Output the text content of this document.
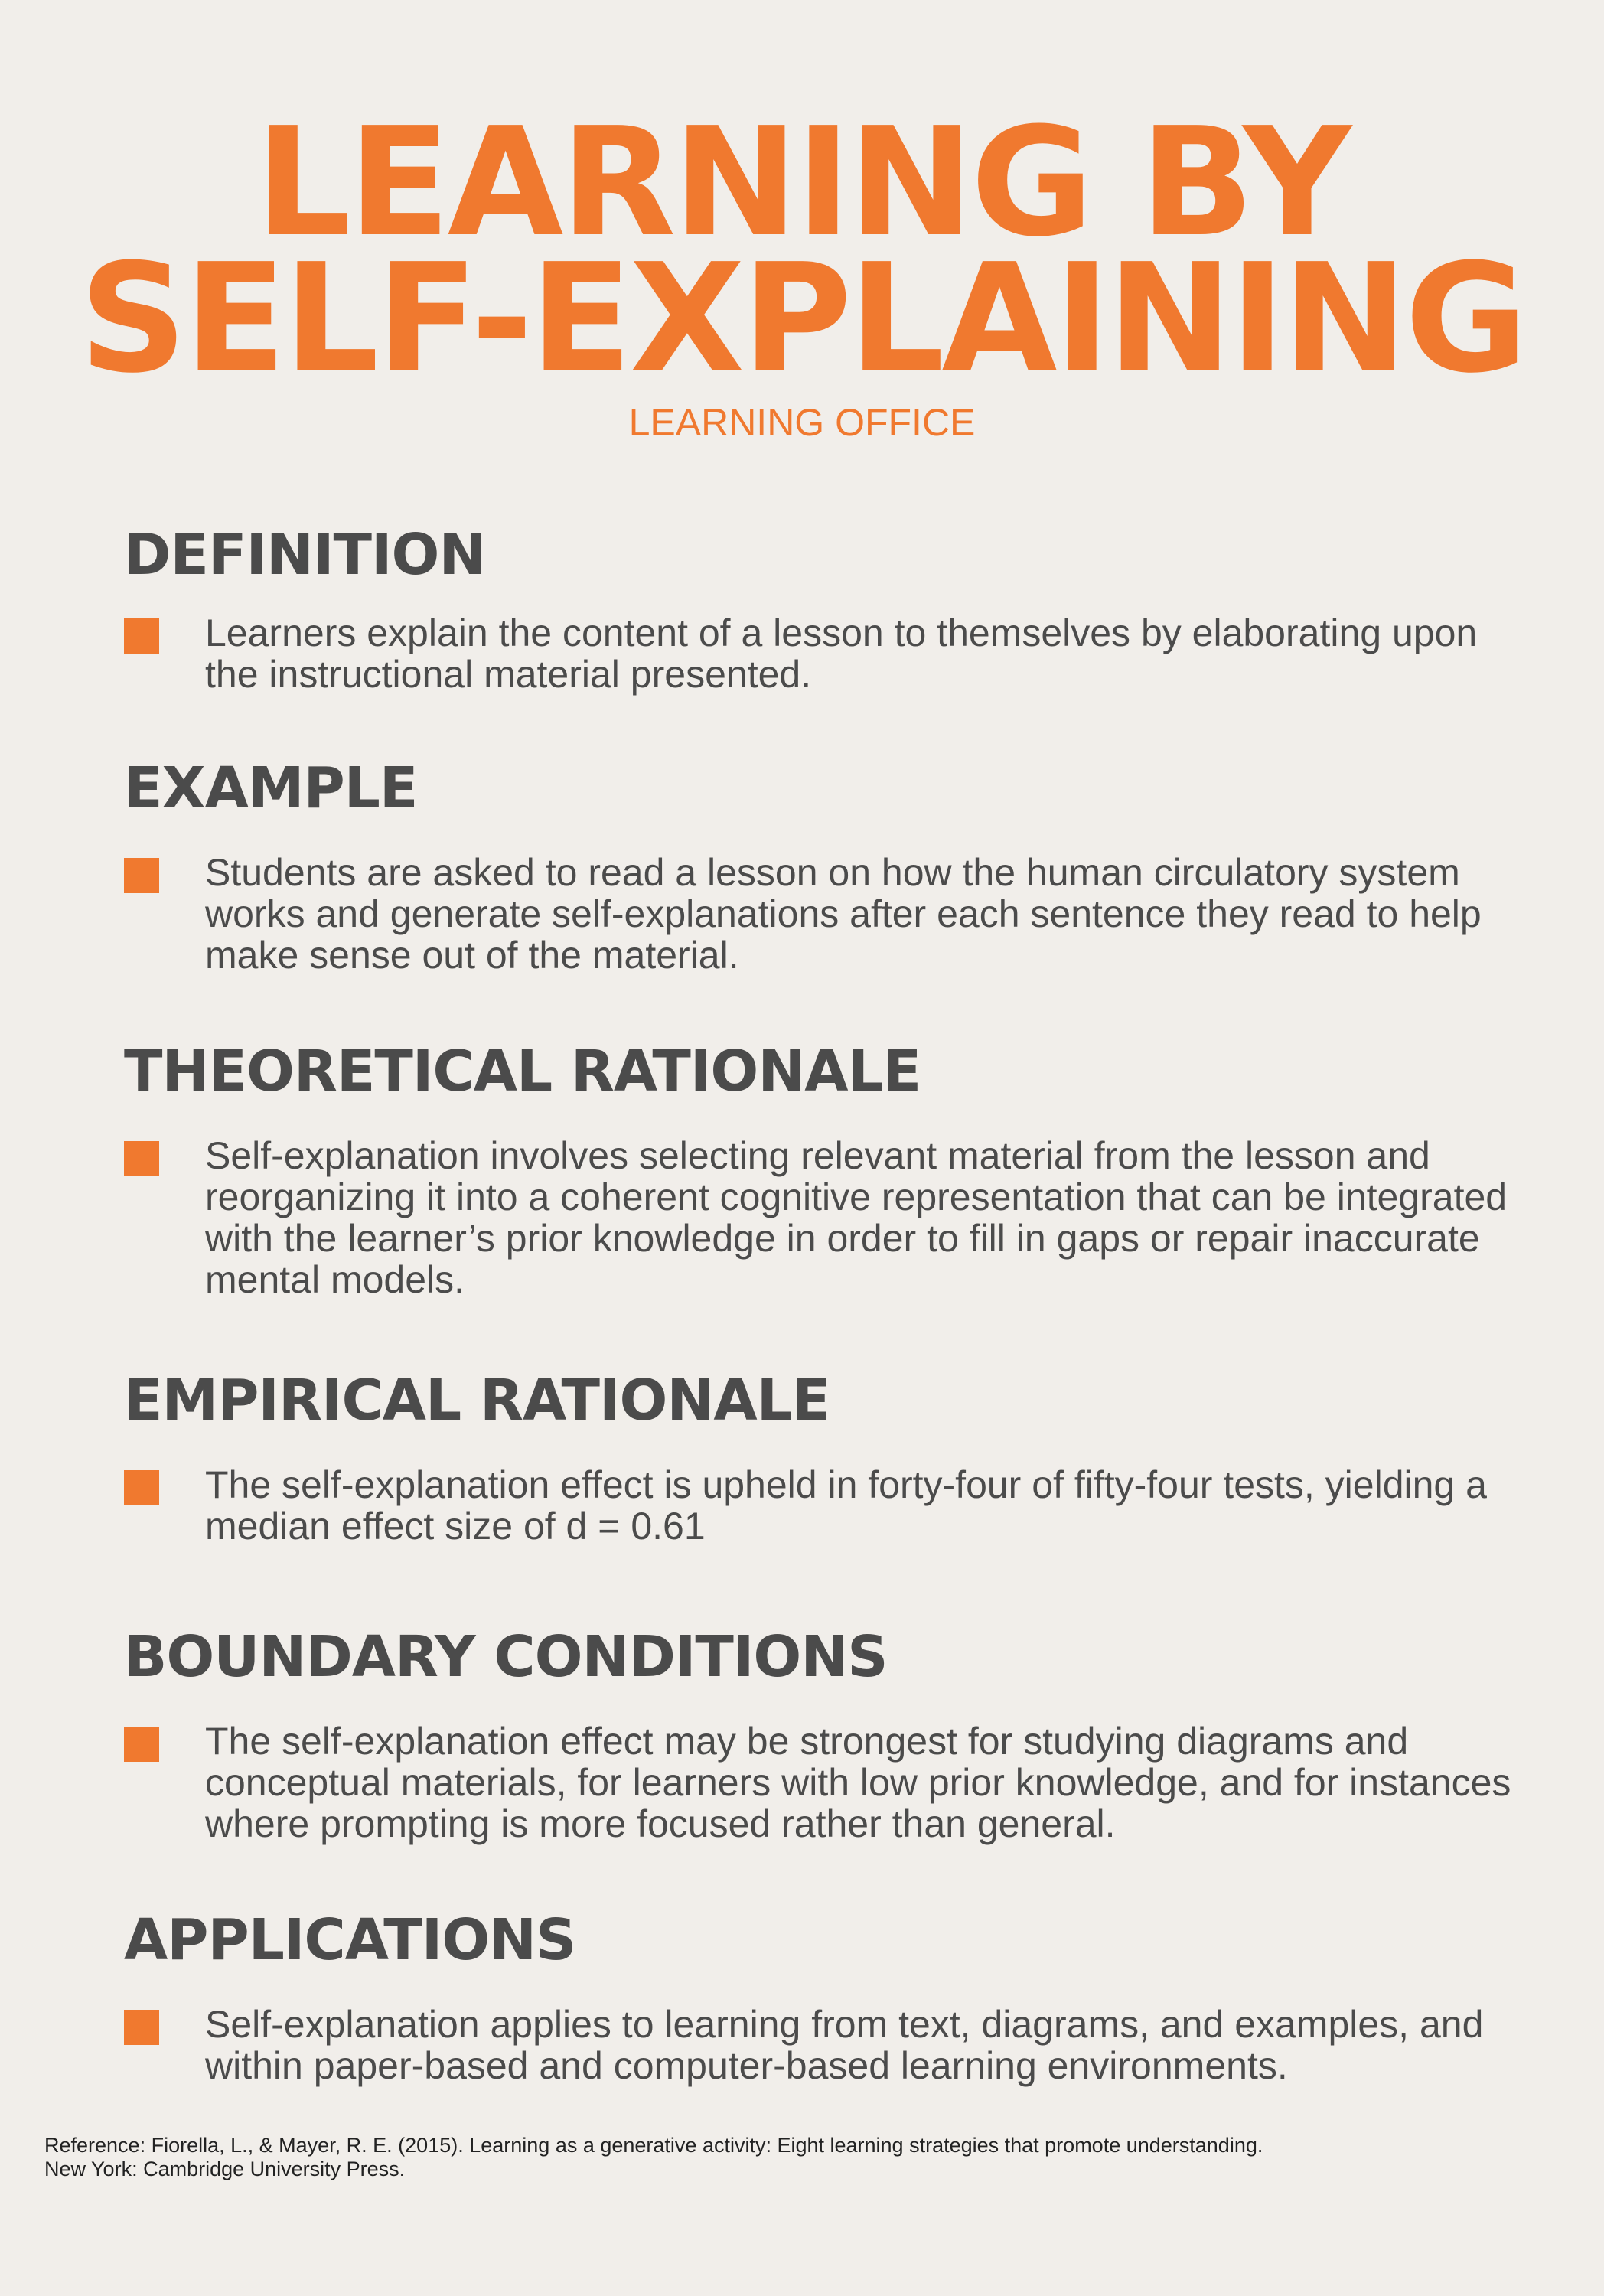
LEARNING BY
SELF-EXPLAINING
LEARNING OFFICE
DEFINITION
Learners explain the content of a lesson to themselves by elaborating upon the instructional material presented.
EXAMPLE
Students are asked to read a lesson on how the human circulatory system works and generate self-explanations after each sentence they read to help make sense out of the material.
THEORETICAL RATIONALE
Self-explanation involves selecting relevant material from the lesson and reorganizing it into a coherent cognitive representation that can be integrated with the learner’s prior knowledge in order to fill in gaps or repair inaccurate mental models.
EMPIRICAL RATIONALE
The self-explanation effect is upheld in forty-four of fifty-four tests, yielding a median effect size of d = 0.61
BOUNDARY CONDITIONS
The self-explanation effect may be strongest for studying diagrams and conceptual materials, for learners with low prior knowledge, and for instances where prompting is more focused rather than general.
APPLICATIONS
Self-explanation applies to learning from text, diagrams, and examples, and within paper-based and computer-based learning environments.
Reference: Fiorella, L., & Mayer, R. E. (2015). Learning as a generative activity: Eight learning strategies that promote understanding.
New York: Cambridge University Press.
